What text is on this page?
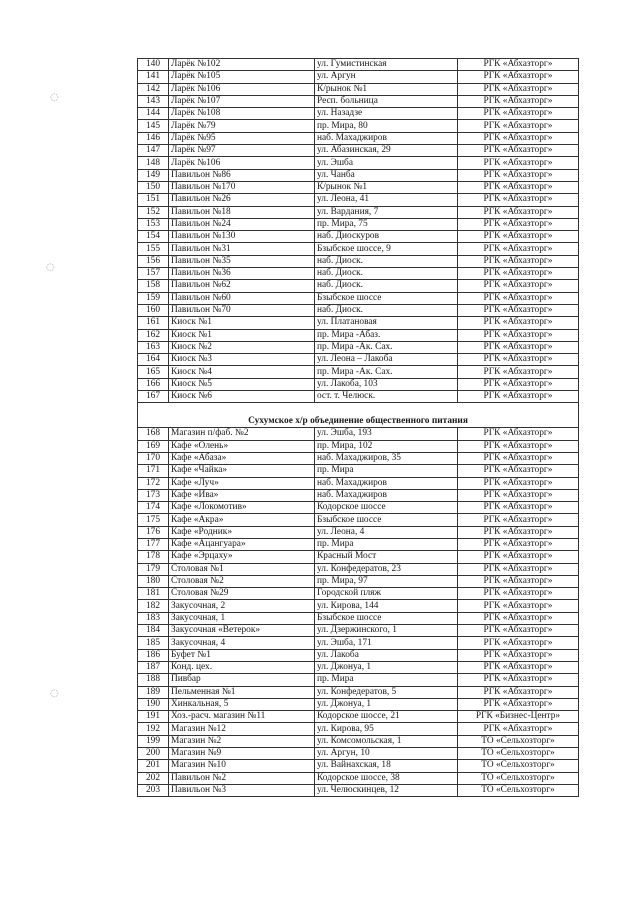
140	Ларёк №102	ул. Гумистинская	РГК «Абхазторг»
141	Ларёк №105	ул. Аргун	РГК «Абхазторг»
142	Ларёк №106	К/рынок №1	РГК «Абхазторг»
143	Ларёк №107	Респ. больница	РГК «Абхазторг»
144	Ларёк №108	ул. Назадзе	РГК «Абхазторг»
145	Ларёк №79	пр. Мира, 80	РГК «Абхазторг»
146	Ларёк №95	наб. Махаджиров	РГК «Абхазторг»
147	Ларёк №97	ул. Абазинская, 29	РГК «Абхазторг»
148	Ларёк №106	ул. Эшба	РГК «Абхазторг»
149	Павильон №86	ул. Чанба	РГК «Абхазторг»
150	Павильон №170	К/рынок №1	РГК «Абхазторг»
151	Павильон №26	ул. Леона, 41	РГК «Абхазторг»
152	Павильон №18	ул. Вардания, 7	РГК «Абхазторг»
153	Павильон №24	пр. Мира, 75	РГК «Абхазторг»
154	Павильон №130	наб. Диоскуров	РГК «Абхазторг»
155	Павильон №31	Бзыбское шоссе, 9	РГК «Абхазторг»
156	Павильон №35	наб. Диоск.	РГК «Абхазторг»
157	Павильон №36	наб. Диоск.	РГК «Абхазторг»
158	Павильон №62	наб. Диоск.	РГК «Абхазторг»
159	Павильон №60	Бзыбское шоссе	РГК «Абхазторг»
160	Павильон №70	наб. Диоск.	РГК «Абхазторг»
161	Киоск №1	ул. Платановая	РГК «Абхазторг»
162	Киоск №1	пр. Мира -Абаз.	РГК «Абхазторг»
163	Киоск №2	пр. Мира -Ак. Сах.	РГК «Абхазторг»
164	Киоск №3	ул. Леона – Лакоба	РГК «Абхазторг»
165	Киоск №4	пр. Мира -Ак. Сах.	РГК «Абхазторг»
166	Киоск №5	ул. Лакоба, 103	РГК «Абхазторг»
167	Киоск №6	ост. т. Челюск.	РГК «Абхазторг»

Сухумское х/р объединение общественного питания			
168	Магазин п/фаб. №2	ул. Эшба, 193	РГК «Абхазторг»
169	Кафе «Олень»	пр. Мира, 102	РГК «Абхазторг»
170	Кафе «Абаза»	наб. Махаджиров, 35	РГК «Абхазторг»
171	Кафе «Чайка»	пр. Мира	РГК «Абхазторг»
172	Кафе «Луч»	наб. Махаджиров	РГК «Абхазторг»
173	Кафе «Ива»	наб. Махаджиров	РГК «Абхазторг»
174	Кафе «Локомотив»	Кодорское шоссе	РГК «Абхазторг»
175	Кафе «Акра»	Бзыбское шоссе	РГК «Абхазторг»
176	Кафе «Родник»	ул. Леона, 4	РГК «Абхазторг»
177	Кафе «Ацангуара»	пр. Мира	РГК «Абхазторг»
178	Кафе «Эрцаху»	Красный Мост	РГК «Абхазторг»
179	Столовая №1	ул. Конфедератов, 23	РГК «Абхазторг»
180	Столовая №2	пр. Мира, 97	РГК «Абхазторг»
181	Столовая №29	Городской пляж	РГК «Абхазторг»
182	Закусочная, 2	ул. Кирова, 144	РГК «Абхазторг»
183	Закусочная, 1	Бзыбское шоссе	РГК «Абхазторг»
184	Закусочная «Ветерок»	ул. Дзержинского, 1	РГК «Абхазторг»
185	Закусочная, 4	ул. Эшба, 171	РГК «Абхазторг»
186	Буфет №1	ул. Лакоба	РГК «Абхазторг»
187	Конд. цех.	ул. Джонуа, 1	РГК «Абхазторг»
188	Пивбар	пр. Мира	РГК «Абхазторг»
189	Пельменная №1	ул. Конфедератов, 5	РГК «Абхазторг»
190	Хинкальная, 5	ул. Джонуа, 1	РГК «Абхазторг»
191	Хоз.-расч. магазин №11	Кодорское шоссе, 21	РГК «Бизнес-Центр»
192	Магазин №12	ул. Кирова, 95	РГК «Абхазторг»
199	Магазин №2	ул. Комсомольская, 1	ТО «Сельхозторг»
200	Магазин №9	ул. Аргун, 10	ТО «Сельхозторг»
201	Магазин №10	ул. Вайнахская, 18	ТО «Сельхозторг»
202	Павильон №2	Кодорское шоссе, 38	ТО «Сельхозторг»
203	Павильон №3	ул. Челюскинцев, 12	ТО «Сельхозторг»
◌
◌
◌
